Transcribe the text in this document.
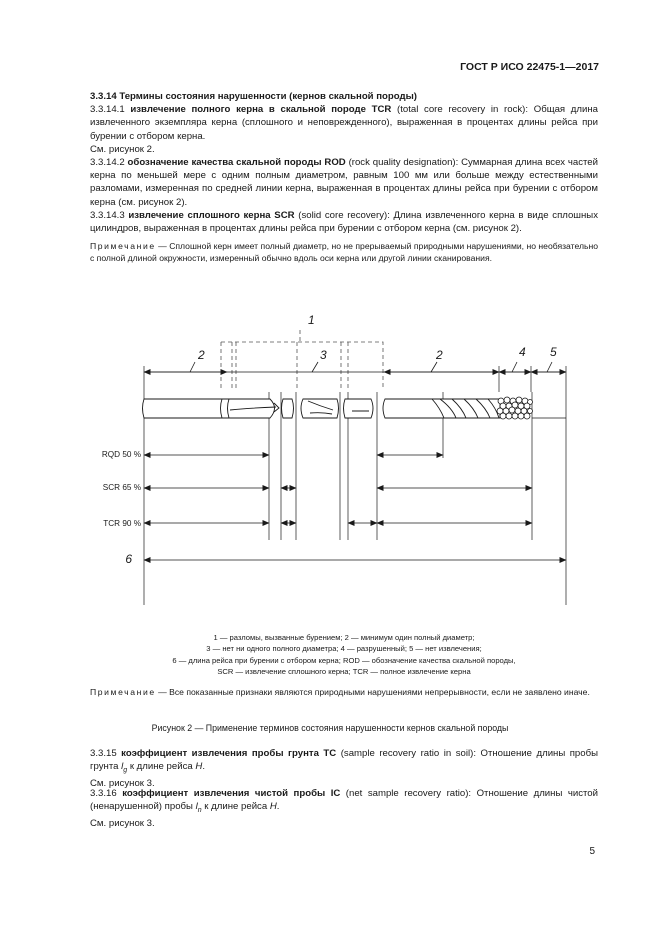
ГОСТ Р ИСО 22475-1—2017

3.3.14 Термины состояния нарушенности (кернов скальной породы)

3.3.14.1 извлечение полного керна в скальной породе TCR (total core recovery in rock): Общая длина извлеченного экземпляра керна (сплошного и неповрежденного), выраженная в процентах длины рейса при бурении с отбором керна.

См. рисунок 2.

3.3.14.2 обозначение качества скальной породы ROD (rock quality designation): Суммарная длина всех частей керна по меньшей мере с одним полным диаметром, равным 100 мм или больше между естественными разломами, измеренная по средней линии керна, выраженная в процентах длины рейса при бурении с отбором керна (см. рисунок 2).

3.3.14.3 извлечение сплошного керна SCR (solid core recovery): Длина извлеченного керна в виде сплошных цилиндров, выраженная в процентах длины рейса при бурении с отбором керна (см. рисунок 2).

Примечание — Сплошной керн имеет полный диаметр, но не прерываемый природными нарушениями, но необязательно с полной длиной окружности, измеренный обычно вдоль оси керна или другой линии сканирования.

1
2	3	2	4 5
RQD 50 %
SCR 65 %
TCR 90 %
6
1 — разломы, вызванные бурением; 2 — минимум один полный диаметр;
3 — нет ни одного полного диаметра; 4 — разрушенный; 5 — нет извлечения;
6 — длина рейса при бурении с отбором керна; ROD — обозначение качества скальной породы,
SCR — извлечение сплошного керна; TCR — полное извлечение керна
Примечание — Все показанные признаки являются природными нарушениями непрерывности, если не заявлено иначе.
Рисунок 2 — Применение терминов состояния нарушенности кернов скальной породы

3.3.15 коэффициент извлечения пробы грунта TC (sample recovery ratio in soil): Отношение длины пробы грунта $l_g$ к длине рейса H.

См. рисунок 3.

3.3.16 коэффициент извлечения чистой пробы IC (net sample recovery ratio): Отношение длины чистой (ненарушенной) пробы $l_n$ к длине рейса H.

См. рисунок 3.

5
